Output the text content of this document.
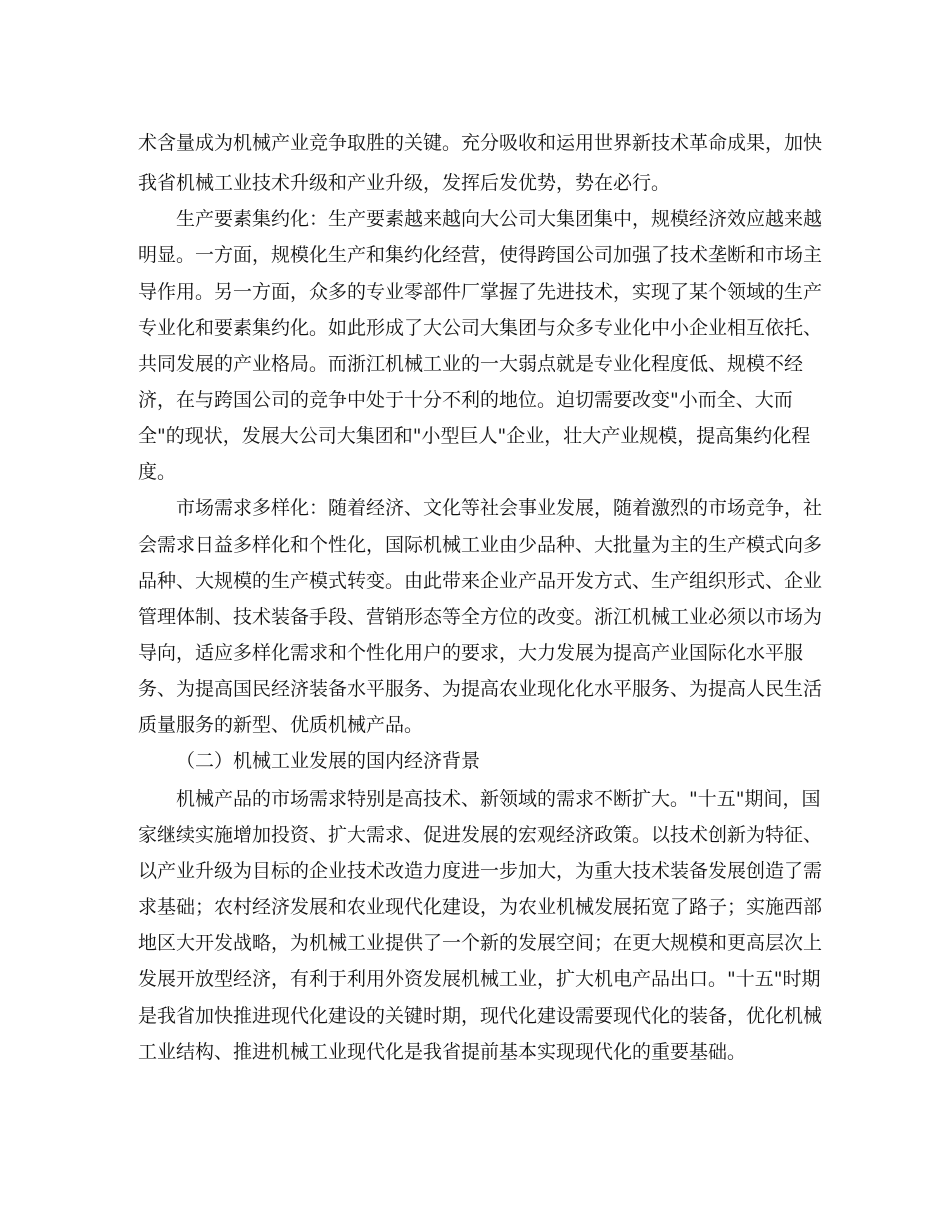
术含量成为机械产业竞争取胜的关键。充分吸收和运用世界新技术革命成果，加快
我省机械工业技术升级和产业升级，发挥后发优势，势在必行。
生产要素集约化：生产要素越来越向大公司大集团集中，规模经济效应越来越
明显。一方面，规模化生产和集约化经营，使得跨国公司加强了技术垄断和市场主
导作用。另一方面，众多的专业零部件厂掌握了先进技术，实现了某个领域的生产
专业化和要素集约化。如此形成了大公司大集团与众多专业化中小企业相互依托、
共同发展的产业格局。而浙江机械工业的一大弱点就是专业化程度低、规模不经
济，在与跨国公司的竞争中处于十分不利的地位。迫切需要改变"小而全、大而
全"的现状，发展大公司大集团和"小型巨人"企业，壮大产业规模，提高集约化程
度。
市场需求多样化：随着经济、文化等社会事业发展，随着激烈的市场竞争，社
会需求日益多样化和个性化，国际机械工业由少品种、大批量为主的生产模式向多
品种、大规模的生产模式转变。由此带来企业产品开发方式、生产组织形式、企业
管理体制、技术装备手段、营销形态等全方位的改变。浙江机械工业必须以市场为
导向，适应多样化需求和个性化用户的要求，大力发展为提高产业国际化水平服
务、为提高国民经济装备水平服务、为提高农业现化化水平服务、为提高人民生活
质量服务的新型、优质机械产品。
（二）机械工业发展的国内经济背景
机械产品的市场需求特别是高技术、新领域的需求不断扩大。"十五"期间，国
家继续实施增加投资、扩大需求、促进发展的宏观经济政策。以技术创新为特征、
以产业升级为目标的企业技术改造力度进一步加大，为重大技术装备发展创造了需
求基础；农村经济发展和农业现代化建设，为农业机械发展拓宽了路子；实施西部
地区大开发战略，为机械工业提供了一个新的发展空间；在更大规模和更高层次上
发展开放型经济，有利于利用外资发展机械工业，扩大机电产品出口。"十五"时期
是我省加快推进现代化建设的关键时期，现代化建设需要现代化的装备，优化机械
工业结构、推进机械工业现代化是我省提前基本实现现代化的重要基础。
